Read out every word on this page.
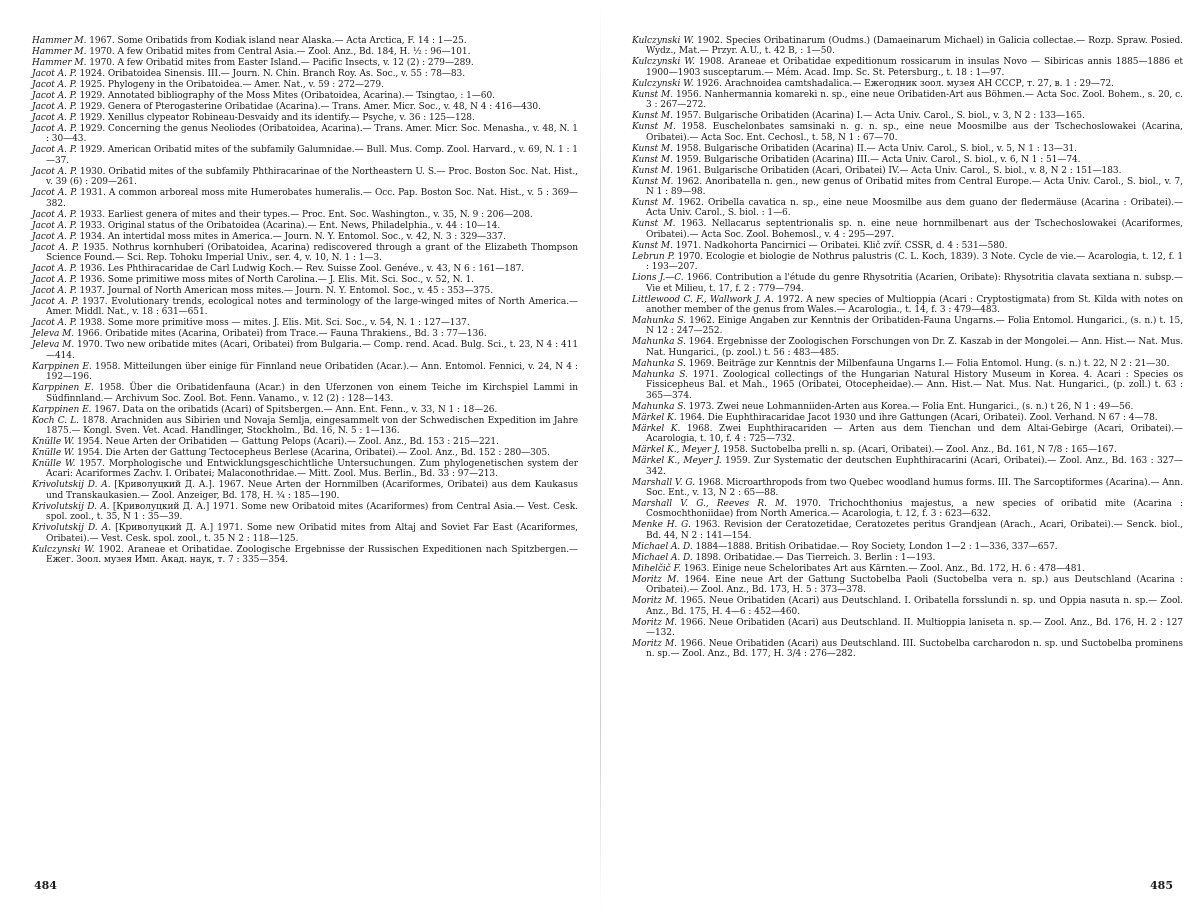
Hammer M. 1967. Some Oribatids from Kodiak island near Alaska.— Acta Arctica, F. 14 : 1—25.

Hammer M. 1970. A few Oribatid mites from Central Asia.— Zool. Anz., Bd. 184, H. ½ : 96—101.

Hammer M. 1970. A few Oribatid mites from Easter Island.— Pacific Insects, v. 12 (2) : 279—289.

Jacot A. P. 1924. Oribatoidea Sinensis. III.— Journ. N. Chin. Branch Roy. As. Soc., v. 55 : 78—83.

Jacot A. P. 1925. Phylogeny in the Oribatoidea.— Amer. Nat., v. 59 : 272—279.

Jacot A. P. 1929. Annotated bibliography of the Moss Mites (Oribatoidea, Acarina).— Tsingtao, : 1—60.

Jacot A. P. 1929. Genera of Pterogasterine Oribatidae (Acarina).— Trans. Amer. Micr. Soc., v. 48, N 4 : 416—430.

Jacot A. P. 1929. Xenillus clypeator Robineau-Desvaidy and its identify.— Psyche, v. 36 : 125—128.

Jacot A. P. 1929. Concerning the genus Neoliodes (Oribatoidea, Acarina).— Trans. Amer. Micr. Soc. Menasha., v. 48, N. 1 : 30—43.

Jacot A. P. 1929. American Oribatid mites of the subfamily Galumnidae.— Bull. Mus. Comp. Zool. Harvard., v. 69, N. 1 : 1—37.

Jacot A. P. 1930. Oribatid mites of the subfamily Phthiracarinae of the Northeastern U. S.— Proc. Boston Soc. Nat. Hist., v. 39 (6) : 209—261.

Jacot A. P. 1931. A common arboreal moss mite Humerobates humeralis.— Occ. Pap. Boston Soc. Nat. Hist., v. 5 : 369—382.

Jacot A. P. 1933. Earliest genera of mites and their types.— Proc. Ent. Soc. Washington., v. 35, N. 9 : 206—208.

Jacot A. P. 1933. Original status of the Oribatoidea (Acarina).— Ent. News, Philadelphia., v. 44 : 10—14.

Jacot A. P. 1934. An intertidal moss mites in America.— Journ. N. Y. Entomol. Soc., v. 42, N. 3 : 329—337.

Jacot A. P. 1935. Nothrus kornhuberi (Oribatoidea, Acarina) rediscovered through a grant of the Elizabeth Thompson Science Found.— Sci. Rep. Tohoku Imperial Univ., ser. 4, v. 10, N. 1 : 1—3.

Jacot A. P. 1936. Les Phthiracaridae de Carl Ludwig Koch.— Rev. Suisse Zool. Genéve., v. 43, N 6 : 161—187.

Jacot A. P. 1936. Some primitiwe moss mites of North Carolina.— J. Elis. Mit. Sci. Soc., v. 52, N. 1.

Jacot A. P. 1937. Journal of North American moss mites.— Journ. N. Y. Entomol. Soc., v. 45 : 353—375.

Jacot A. P. 1937. Evolutionary trends, ecological notes and terminology of the large-winged mites of North America.— Amer. Middl. Nat., v. 18 : 631—651.

Jacot A. P. 1938. Some more primitive moss — mites. J. Elis. Mit. Sci. Soc., v. 54, N. 1 : 127—137.

Jeleva M. 1966. Oribatide mites (Acarina, Oribatei) from Trace.— Fauna Thrakiens., Bd. 3 : 77—136.

Jeleva M. 1970. Two new oribatide mites (Acari, Oribatei) from Bulgaria.— Comp. rend. Acad. Bulg. Sci., t. 23, N 4 : 411—414.

Karppinen E. 1958. Mitteilungen über einige für Finnland neue Oribatiden (Acar.).— Ann. Entomol. Fennici, v. 24, N 4 : 192—196.

Karppinen E. 1958. Über die Oribatidenfauna (Acar.) in den Uferzonen von einem Teiche im Kirchspiel Lammi in Südfinnland.— Archivum Soc. Zool. Bot. Fenn. Vanamo., v. 12 (2) : 128—143.

Karppinen E. 1967. Data on the oribatids (Acari) of Spitsbergen.— Ann. Ent. Fenn., v. 33, N 1 : 18—26.

Koch C. L. 1878. Arachniden aus Sibirien und Novaja Semlja, eingesammelt von der Schwedischen Expedition im Jahre 1875.— Kongl. Sven. Vet. Acad. Handlinger, Stockholm., Bd. 16, N. 5 : 1—136.

Knülle W. 1954. Neue Arten der Oribatiden — Gattung Pelops (Acari).— Zool. Anz., Bd. 153 : 215—221.

Knülle W. 1954. Die Arten der Gattung Tectocepheus Berlese (Acarina, Oribatei).— Zool. Anz., Bd. 152 : 280—305.

Knülle W. 1957. Morphologische und Entwicklungsgeschichtliche Untersuchungen. Zum phylogenetischen system der Acari: Acariformes Zachv. I. Oribatei; Malaconothridae.— Mitt. Zool. Mus. Berlin., Bd. 33 : 97—213.

Krivolutskij D. A. [Криволуцкий Д. А.]. 1967. Neue Arten der Hornmilben (Acariformes, Oribatei) aus dem Kaukasus und Transkaukasien.— Zool. Anzeiger, Bd. 178, H. ¾ : 185—190.

Krivolutskij D. A. [Криволуцкий Д. А.] 1971. Some new Oribatoid mites (Acariformes) from Central Asia.— Vest. Cesk. spol. zool., t. 35, N 1 : 35—39.

Krivolutskij D. A. [Криволуцкий Д. А.] 1971. Some new Oribatid mites from Altaj and Soviet Far East (Acariformes, Oribatei).— Vest. Cesk. spol. zool., t. 35 N 2 : 118—125.

Kulczynski W. 1902. Araneae et Oribatidae. Zoologische Ergebnisse der Russischen Expeditionen nach Spitzbergen.— Ежег. Зоол. музея Имп. Акад. наук, т. 7 : 335—354.

484

Kulczynski W. 1902. Species Oribatinarum (Oudms.) (Damaeinarum Michael) in Galicia collectae.— Rozp. Spraw. Posied. Wydz., Mat.— Przyr. A.U., t. 42 B, : 1—50.

Kulczynski W. 1908. Araneae et Oribatidae expeditionum rossicarum in insulas Novo — Sibiricas annis 1885—1886 et 1900—1903 susceptarum.— Mém. Acad. Imp. Sc. St. Petersburg., t. 18 : 1—97.

Kulczynski W. 1926. Arachnoidea camtshadalica.— Ежегодник зоол. музея АН СССР, т. 27, в. 1 : 29—72.

Kunst M. 1956. Nanhermannia komareki n. sp., eine neue Oribatiden-Art aus Böhmen.— Acta Soc. Zool. Bohem., s. 20, c. 3 : 267—272.

Kunst M. 1957. Bulgarische Oribatiden (Acarina) I.— Acta Univ. Carol., S. biol., v. 3, N 2 : 133—165.

Kunst M. 1958. Euschelonbates samsinaki n. g. n. sp., eine neue Moosmilbe aus der Tschechoslowakei (Acarina, Oribatei).— Acta Soc. Ent. Cechosl., t. 58, N 1 : 67—70.

Kunst M. 1958. Bulgarische Oribatiden (Acarina) II.— Acta Univ. Carol., S. biol., v. 5, N 1 : 13—31.

Kunst M. 1959. Bulgarische Oribatiden (Acarina) III.— Acta Univ. Carol., S. biol., v. 6, N 1 : 51—74.

Kunst M. 1961. Bulgarische Oribatiden (Acari, Oribatei) IV.— Acta Univ. Carol., S. biol., v. 8, N 2 : 151—183.

Kunst M. 1962. Anoribatella n. gen., new genus of Oribatid mites from Central Europe.— Acta Univ. Carol., S. biol., v. 7, N 1 : 89—98.

Kunst M. 1962. Oribella cavatica n. sp., eine neue Moosmilbe aus dem guano der fledermäuse (Acarina : Oribatei).— Acta Univ. Carol., S. biol. : 1—6.

Kunst M. 1963. Nellacarus septentrionalis sp. n. eine neue hornmilbenart aus der Tschechoslowakei (Acariformes, Oribatei).— Acta Soc. Zool. Bohemosl., v. 4 : 295—297.

Kunst M. 1971. Nadkohorta Pancirnici — Oribatei. Klič zvíř. CSSR, d. 4 : 531—580.

Lebrun P. 1970. Ecologie et biologie de Nothrus palustris (C. L. Koch, 1839). 3 Note. Cycle de vie.— Acarologia, t. 12, f. 1 : 193—207.

Lions J.—C. 1966. Contribution a l'étude du genre Rhysotritia (Acarien, Oribate): Rhysotritia clavata sextiana n. subsp.— Vie et Milieu, t. 17, f. 2 : 779—794.

Littlewood C. F., Wallwork J. A. 1972. A new species of Multioppia (Acari : Cryptostigmata) from St. Kilda with notes on another member of the genus from Wales.— Acarologia., t. 14, f. 3 : 479—483.

Mahunka S. 1962. Einige Angaben zur Kenntnis der Oribatiden-Fauna Ungarns.— Folia Entomol. Hungarici., (s. n.) t. 15, N 12 : 247—252.

Mahunka S. 1964. Ergebnisse der Zoologischen Forschungen von Dr. Z. Kaszab in der Mongolei.— Ann. Hist.— Nat. Mus. Nat. Hungarici., (p. zool.) t. 56 : 483—485.

Mahunka S. 1969. Beiträge zur Kenntnis der Milbenfauna Ungarns I.— Folia Entomol. Hung. (s. n.) t. 22, N 2 : 21—30.

Mahunka S. 1971. Zoological collectings of the Hungarian Natural History Museum in Korea. 4. Acari : Species os Fissicepheus Bal. et Mah., 1965 (Oribatei, Otocepheidae).— Ann. Hist.— Nat. Mus. Nat. Hungarici., (p. zoll.) t. 63 : 365—374.

Mahunka S. 1973. Zwei neue Lohmanniiden-Arten aus Korea.— Folia Ent. Hungarici., (s. n.) t 26, N 1 : 49—56.

Märkel K. 1964. Die Euphthiracaridae Jacot 1930 und ihre Gattungen (Acari, Oribatei). Zool. Verhand. N 67 : 4—78.

Märkel K. 1968. Zwei Euphthiracariden — Arten aus dem Tienchan und dem Altai-Gebirge (Acari, Oribatei).— Acarologia, t. 10, f. 4 : 725—732.

Märkel K., Meyer J. 1958. Suctobelba prelli n. sp. (Acari, Oribatei).— Zool. Anz., Bd. 161, N 7/8 : 165—167.

Märkel K., Meyer J. 1959. Zur Systematic der deutschen Euphthiracarini (Acari, Oribatei).— Zool. Anz., Bd. 163 : 327—342.

Marshall V. G. 1968. Microarthropods from two Quebec woodland humus forms. III. The Sarcoptiformes (Acarina).— Ann. Soc. Ent., v. 13, N 2 : 65—88.

Marshall V. G., Reeves R. M. 1970. Trichochthonius majestus, a new species of oribatid mite (Acarina : Cosmochthoniidae) from North America.— Acarologia, t. 12, f. 3 : 623—632.

Menke H. G. 1963. Revision der Ceratozetidae, Ceratozetes peritus Grandjean (Arach., Acari, Oribatei).— Senck. biol., Bd. 44, N 2 : 141—154.

Michael A. D. 1884—1888. British Oribatidae.— Roy Society, London 1—2 : 1—336, 337—657.

Michael A. D. 1898. Oribatidae.— Das Tierreich. 3. Berlin : 1—193.

Mihelčič F. 1963. Einige neue Scheloribates Art aus Kärnten.— Zool. Anz., Bd. 172, H. 6 : 478—481.

Moritz M. 1964. Eine neue Art der Gattung Suctobelba Paoli (Suctobelba vera n. sp.) aus Deutschland (Acarina : Oribatei).— Zool. Anz., Bd. 173, H. 5 : 373—378.

Moritz M. 1965. Neue Oribatiden (Acari) aus Deutschland. I. Oribatella forsslundi n. sp. und Oppia nasuta n. sp.— Zool. Anz., Bd. 175, H. 4—6 : 452—460.

Moritz M. 1966. Neue Oribatiden (Acari) aus Deutschland. II. Multioppia laniseta n. sp.— Zool. Anz., Bd. 176, H. 2 : 127—132.

Moritz M. 1966. Neue Oribatiden (Acari) aus Deutschland. III. Suctobelba carcharodon n. sp. und Suctobelba prominens n. sp.— Zool. Anz., Bd. 177, H. 3/4 : 276—282.

485
